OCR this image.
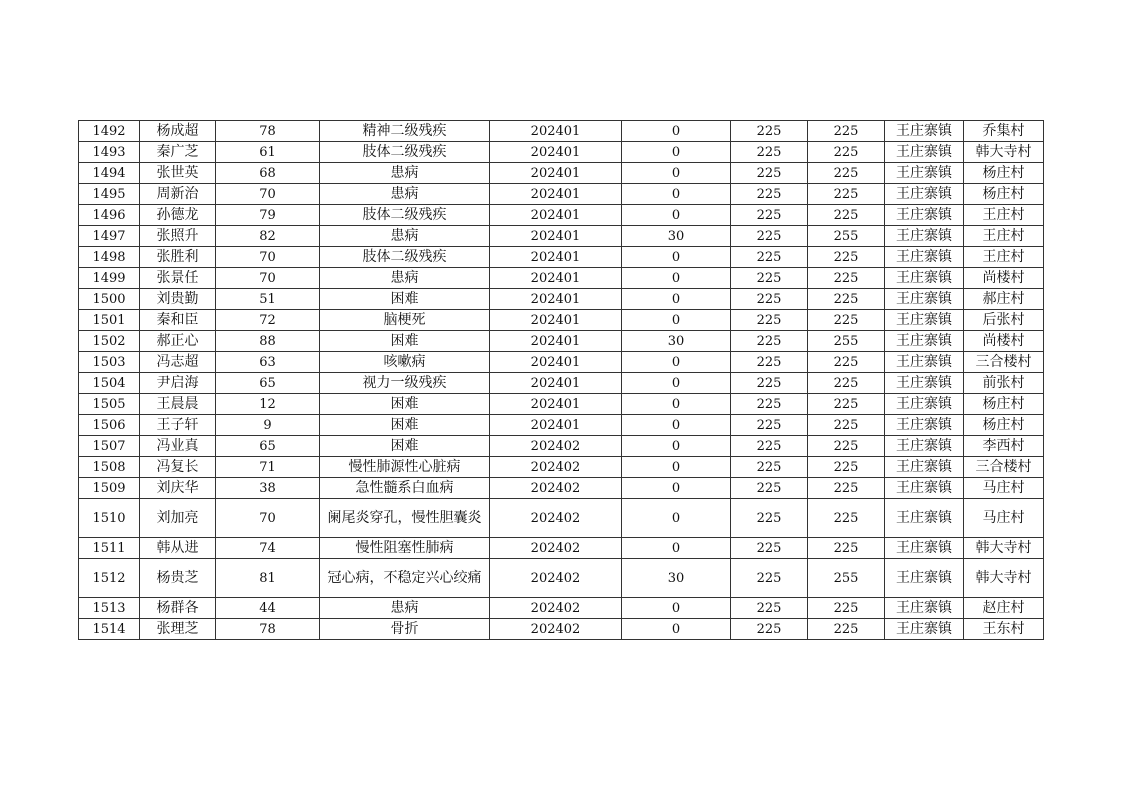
1492	杨成超	78	精神二级残疾	202401	0	225	225	王庄寨镇	乔集村
1493	秦广芝	61	肢体二级残疾	202401	0	225	225	王庄寨镇	韩大寺村
1494	张世英	68	患病	202401	0	225	225	王庄寨镇	杨庄村
1495	周新治	70	患病	202401	0	225	225	王庄寨镇	杨庄村
1496	孙德龙	79	肢体二级残疾	202401	0	225	225	王庄寨镇	王庄村
1497	张照升	82	患病	202401	30	225	255	王庄寨镇	王庄村
1498	张胜利	70	肢体二级残疾	202401	0	225	225	王庄寨镇	王庄村
1499	张景任	70	患病	202401	0	225	225	王庄寨镇	尚楼村
1500	刘贵勤	51	困难	202401	0	225	225	王庄寨镇	郝庄村
1501	秦和臣	72	脑梗死	202401	0	225	225	王庄寨镇	后张村
1502	郝正心	88	困难	202401	30	225	255	王庄寨镇	尚楼村
1503	冯志超	63	咳嗽病	202401	0	225	225	王庄寨镇	三合楼村
1504	尹启海	65	视力一级残疾	202401	0	225	225	王庄寨镇	前张村
1505	王晨晨	12	困难	202401	0	225	225	王庄寨镇	杨庄村
1506	王子轩	9	困难	202401	0	225	225	王庄寨镇	杨庄村
1507	冯业真	65	困难	202402	0	225	225	王庄寨镇	李西村
1508	冯复长	71	慢性肺源性心脏病	202402	0	225	225	王庄寨镇	三合楼村
1509	刘庆华	38	急性髓系白血病	202402	0	225	225	王庄寨镇	马庄村
1510	刘加亮	70	阑尾炎穿孔，慢性胆囊炎	202402	0	225	225	王庄寨镇	马庄村
1511	韩从进	74	慢性阻塞性肺病	202402	0	225	225	王庄寨镇	韩大寺村
1512	杨贵芝	81	冠心病，不稳定兴心绞痛	202402	30	225	255	王庄寨镇	韩大寺村
1513	杨群各	44	患病	202402	0	225	225	王庄寨镇	赵庄村
1514	张理芝	78	骨折	202402	0	225	225	王庄寨镇	王东村
